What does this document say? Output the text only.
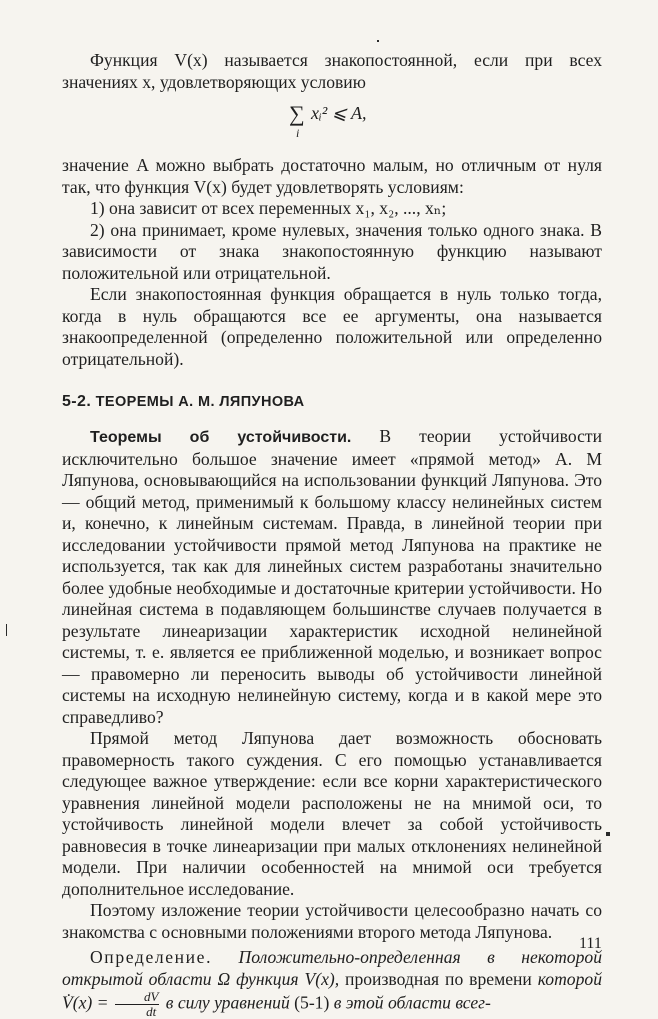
Функция V(x) называется знакопостоянной, если при всех значениях x, удовлетворяющих условию

∑
i
xᵢ² ⩽ A,

значение A можно выбрать достаточно малым, но отличным от нуля так, что функция V(x) будет удовлетворять условиям:

1) она зависит от всех переменных x₁, x₂, ..., xₙ;

2) она принимает, кроме нулевых, значения только одного знака. В зависимости от знака знакопостоянную функцию называют положительной или отрицательной.

Если знакопостоянная функция обращается в нуль только тогда, когда в нуль обращаются все ее аргументы, она называется знакоопределенной (определенно положительной или определенно отрицательной).

5-2. ТЕОРЕМЫ А. М. ЛЯПУНОВА

Теоремы об устойчивости. В теории устойчивости исключительно большое значение имеет «прямой метод» А. М Ляпунова, основывающийся на использовании функций Ляпунова. Это — общий метод, применимый к большому классу нелинейных систем и, конечно, к линейным системам. Правда, в линейной теории при исследовании устойчивости прямой метод Ляпунова на практике не используется, так как для линейных систем разработаны значительно более удобные необходимые и достаточные критерии устойчивости. Но линейная система в подавляющем большинстве случаев получается в результате линеаризации характеристик исходной нелинейной системы, т. е. является ее приближенной моделью, и возникает вопрос — правомерно ли переносить выводы об устойчивости линейной системы на исходную нелинейную систему, когда и в какой мере это справедливо?

Прямой метод Ляпунова дает возможность обосновать правомерность такого суждения. С его помощью устанавливается следующее важное утверждение: если все корни характеристического уравнения линейной модели расположены не на мнимой оси, то устойчивость линейной модели влечет за собой устойчивость равновесия в точке линеаризации при малых отклонениях нелинейной модели. При наличии особенностей на мнимой оси требуется дополнительное исследование.

Поэтому изложение теории устойчивости целесообразно начать со знакомства с основными положениями второго метода Ляпунова.

Определение. Положительно-определенная в некоторой открытой области Ω функция V(x), производная по времени которой V̇(x) = $\frac{dV}{dt}$ в силу уравнений (5-1) в этой области всег-

111
